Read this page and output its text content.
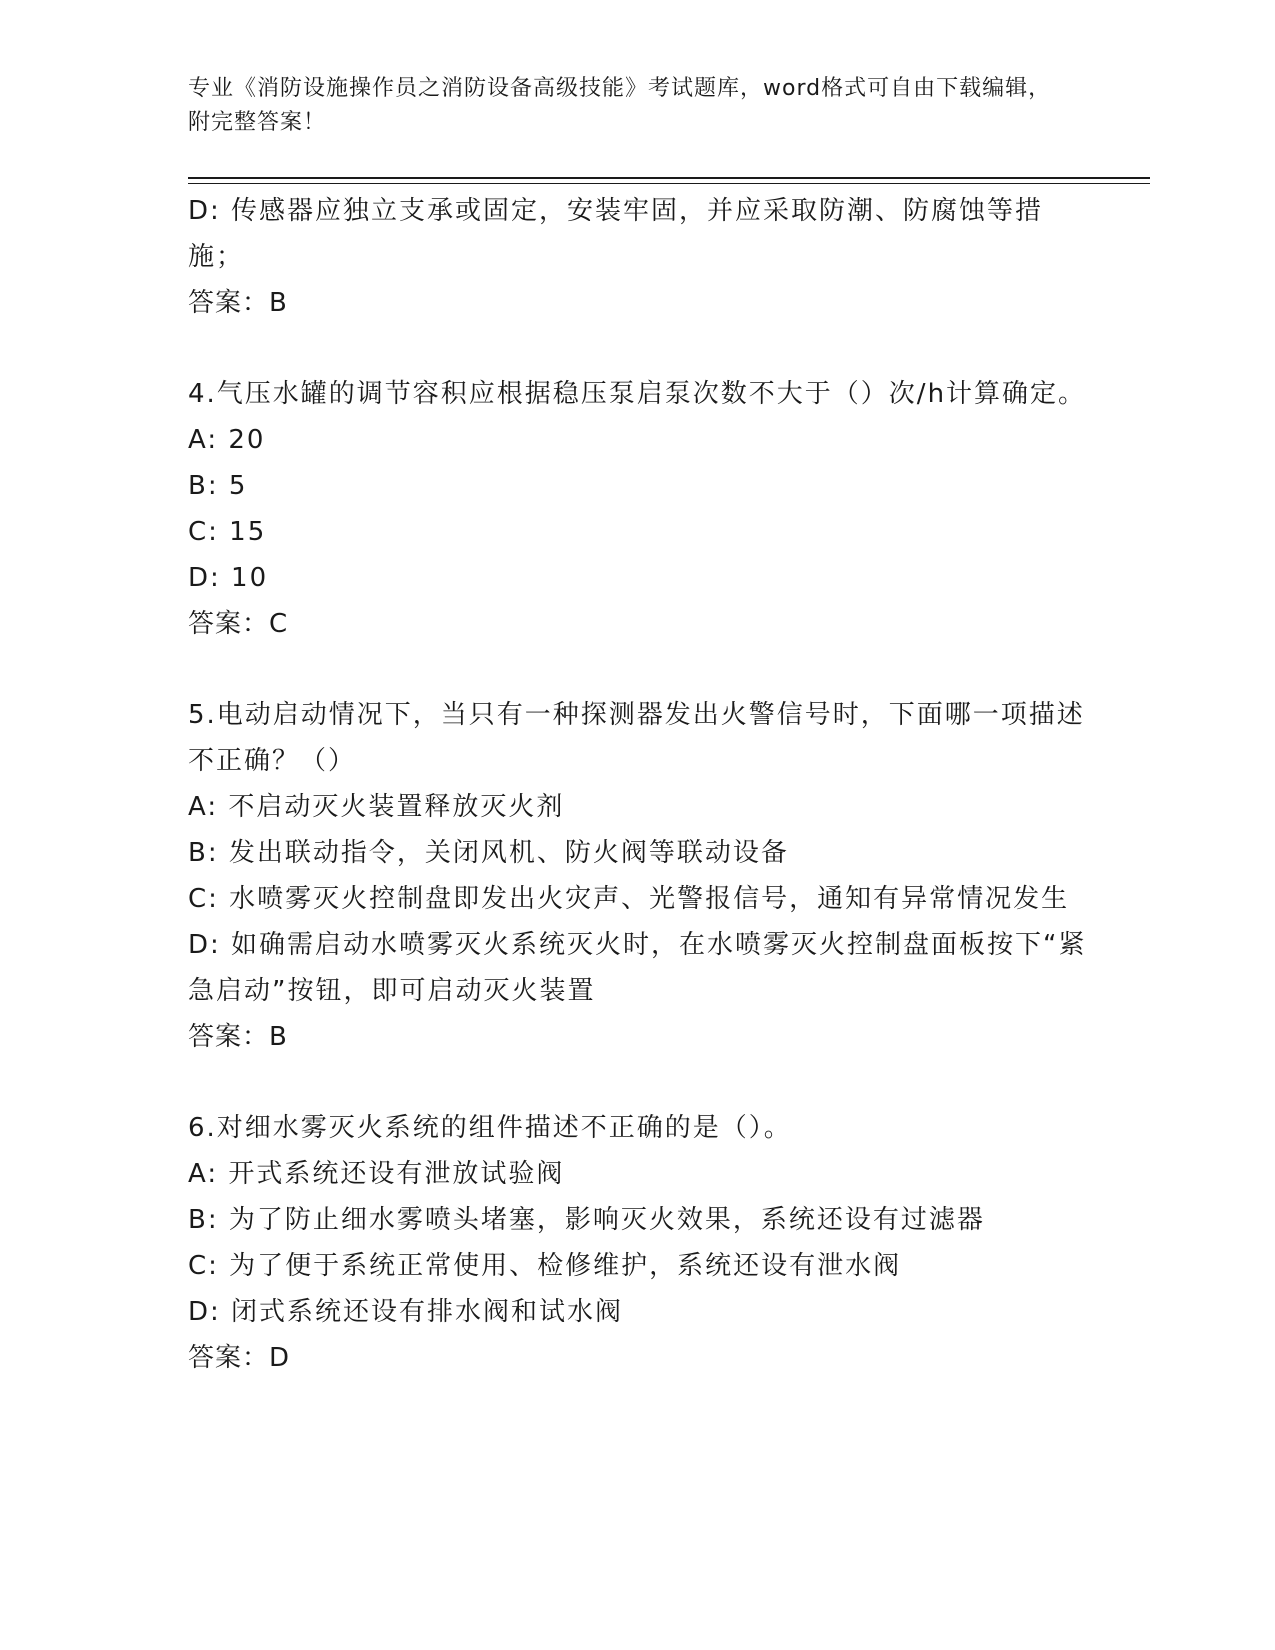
专业《消防设施操作员之消防设备高级技能》考试题库，word格式可自由下载编辑，附完整答案！
D: 传感器应独立支承或固定，安装牢固，并应采取防潮、防腐蚀等措施；
答案：B
4.气压水罐的调节容积应根据稳压泵启泵次数不大于（）次/h计算确定。
A: 20
B: 5
C: 15
D: 10
答案：C
5.电动启动情况下，当只有一种探测器发出火警信号时，下面哪一项描述不正确？（）
A: 不启动灭火装置释放灭火剂
B: 发出联动指令，关闭风机、防火阀等联动设备
C: 水喷雾灭火控制盘即发出火灾声、光警报信号，通知有异常情况发生
D: 如确需启动水喷雾灭火系统灭火时，在水喷雾灭火控制盘面板按下“紧急启动”按钮，即可启动灭火装置
答案：B
6.对细水雾灭火系统的组件描述不正确的是（）。
A: 开式系统还设有泄放试验阀
B: 为了防止细水雾喷头堵塞，影响灭火效果，系统还设有过滤器
C: 为了便于系统正常使用、检修维护，系统还设有泄水阀
D: 闭式系统还设有排水阀和试水阀
答案：D
